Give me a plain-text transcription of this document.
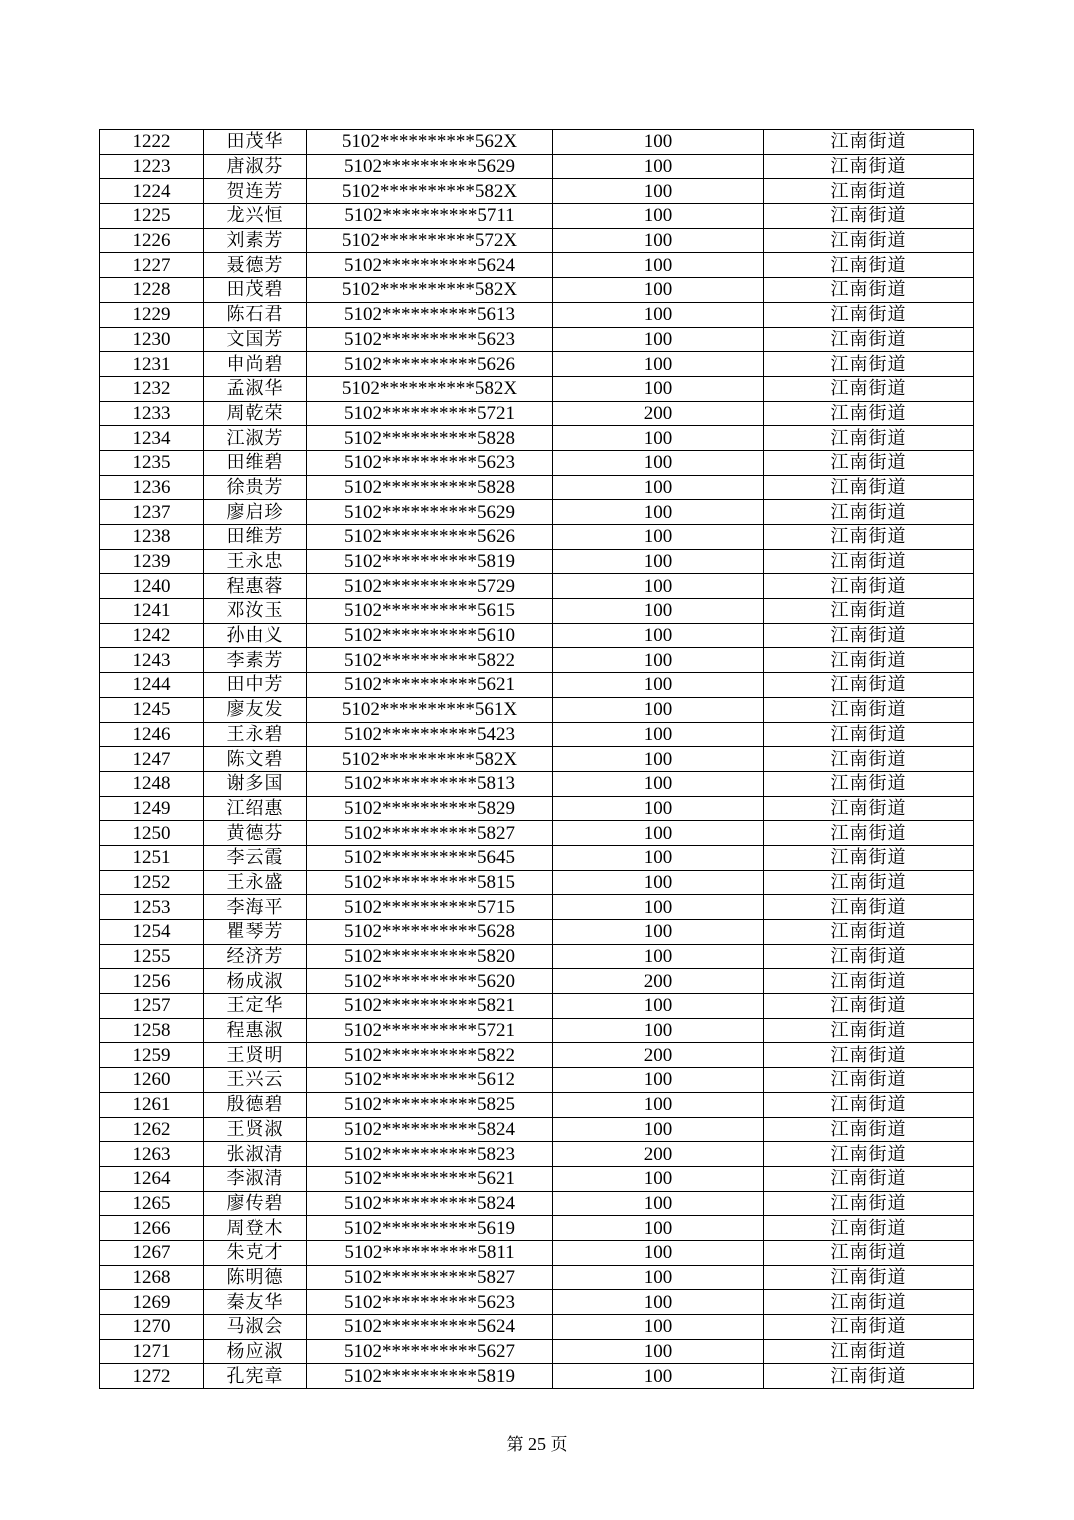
1222	田茂华	5102**********562X	100	江南街道
1223	唐淑芬	5102**********5629	100	江南街道
1224	贺连芳	5102**********582X	100	江南街道
1225	龙兴恒	5102**********5711	100	江南街道
1226	刘素芳	5102**********572X	100	江南街道
1227	聂德芳	5102**********5624	100	江南街道
1228	田茂碧	5102**********582X	100	江南街道
1229	陈石君	5102**********5613	100	江南街道
1230	文国芳	5102**********5623	100	江南街道
1231	申尚碧	5102**********5626	100	江南街道
1232	孟淑华	5102**********582X	100	江南街道
1233	周乾荣	5102**********5721	200	江南街道
1234	江淑芳	5102**********5828	100	江南街道
1235	田维碧	5102**********5623	100	江南街道
1236	徐贵芳	5102**********5828	100	江南街道
1237	廖启珍	5102**********5629	100	江南街道
1238	田维芳	5102**********5626	100	江南街道
1239	王永忠	5102**********5819	100	江南街道
1240	程惠蓉	5102**********5729	100	江南街道
1241	邓汝玉	5102**********5615	100	江南街道
1242	孙由义	5102**********5610	100	江南街道
1243	李素芳	5102**********5822	100	江南街道
1244	田中芳	5102**********5621	100	江南街道
1245	廖友发	5102**********561X	100	江南街道
1246	王永碧	5102**********5423	100	江南街道
1247	陈文碧	5102**********582X	100	江南街道
1248	谢多国	5102**********5813	100	江南街道
1249	江绍惠	5102**********5829	100	江南街道
1250	黄德芬	5102**********5827	100	江南街道
1251	李云霞	5102**********5645	100	江南街道
1252	王永盛	5102**********5815	100	江南街道
1253	李海平	5102**********5715	100	江南街道
1254	瞿琴芳	5102**********5628	100	江南街道
1255	经济芳	5102**********5820	100	江南街道
1256	杨成淑	5102**********5620	200	江南街道
1257	王定华	5102**********5821	100	江南街道
1258	程惠淑	5102**********5721	100	江南街道
1259	王贤明	5102**********5822	200	江南街道
1260	王兴云	5102**********5612	100	江南街道
1261	殷德碧	5102**********5825	100	江南街道
1262	王贤淑	5102**********5824	100	江南街道
1263	张淑清	5102**********5823	200	江南街道
1264	李淑清	5102**********5621	100	江南街道
1265	廖传碧	5102**********5824	100	江南街道
1266	周登木	5102**********5619	100	江南街道
1267	朱克才	5102**********5811	100	江南街道
1268	陈明德	5102**********5827	100	江南街道
1269	秦友华	5102**********5623	100	江南街道
1270	马淑会	5102**********5624	100	江南街道
1271	杨应淑	5102**********5627	100	江南街道
1272	孔宪章	5102**********5819	100	江南街道
第 25 页
